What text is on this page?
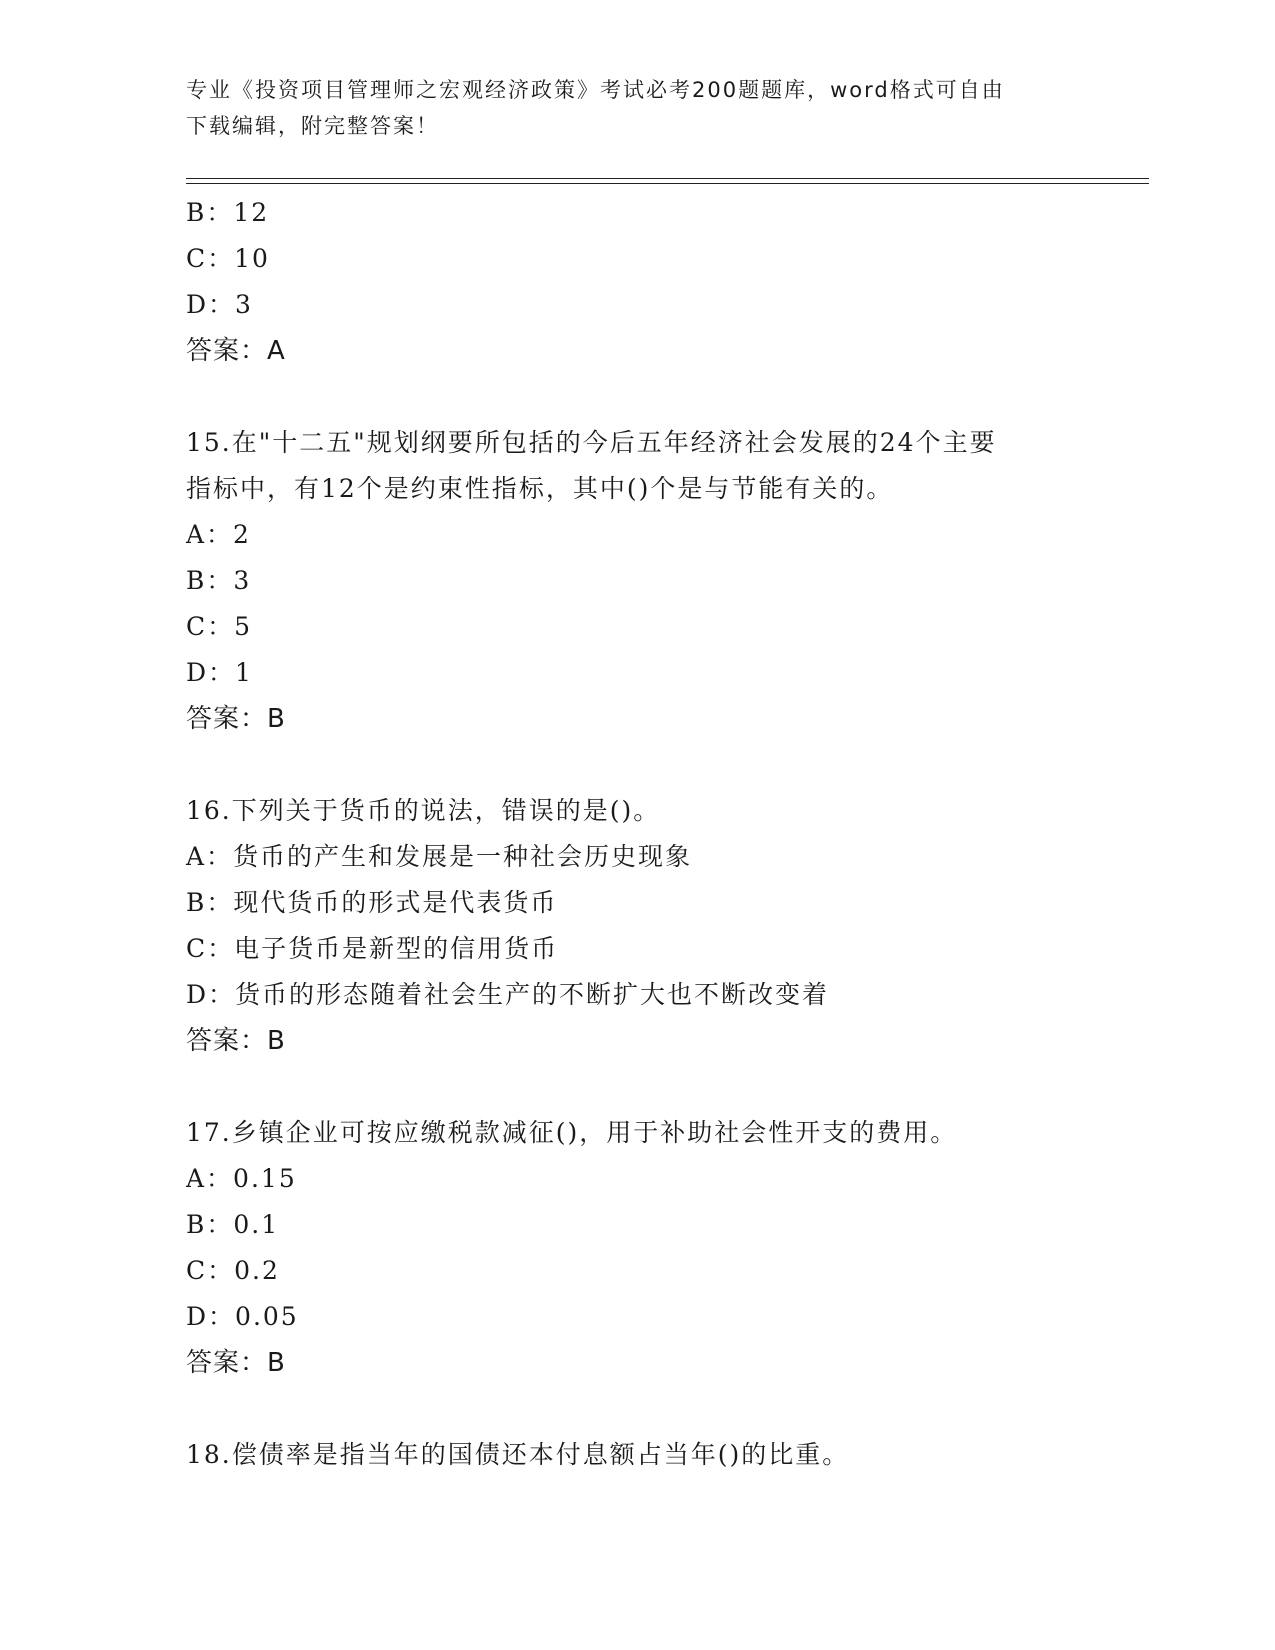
专业《投资项目管理师之宏观经济政策》考试必考200题题库，word格式可自由
下载编辑，附完整答案！
B：12
C：10
D：3
答案：A
15.在"十二五"规划纲要所包括的今后五年经济社会发展的24个主要
指标中，有12个是约束性指标，其中()个是与节能有关的。
A：2
B：3
C：5
D：1
答案：B
16.下列关于货币的说法，错误的是()。
A：货币的产生和发展是一种社会历史现象
B：现代货币的形式是代表货币
C：电子货币是新型的信用货币
D：货币的形态随着社会生产的不断扩大也不断改变着
答案：B
17.乡镇企业可按应缴税款减征()，用于补助社会性开支的费用。
A：0.15
B：0.1
C：0.2
D：0.05
答案：B
18.偿债率是指当年的国债还本付息额占当年()的比重。
